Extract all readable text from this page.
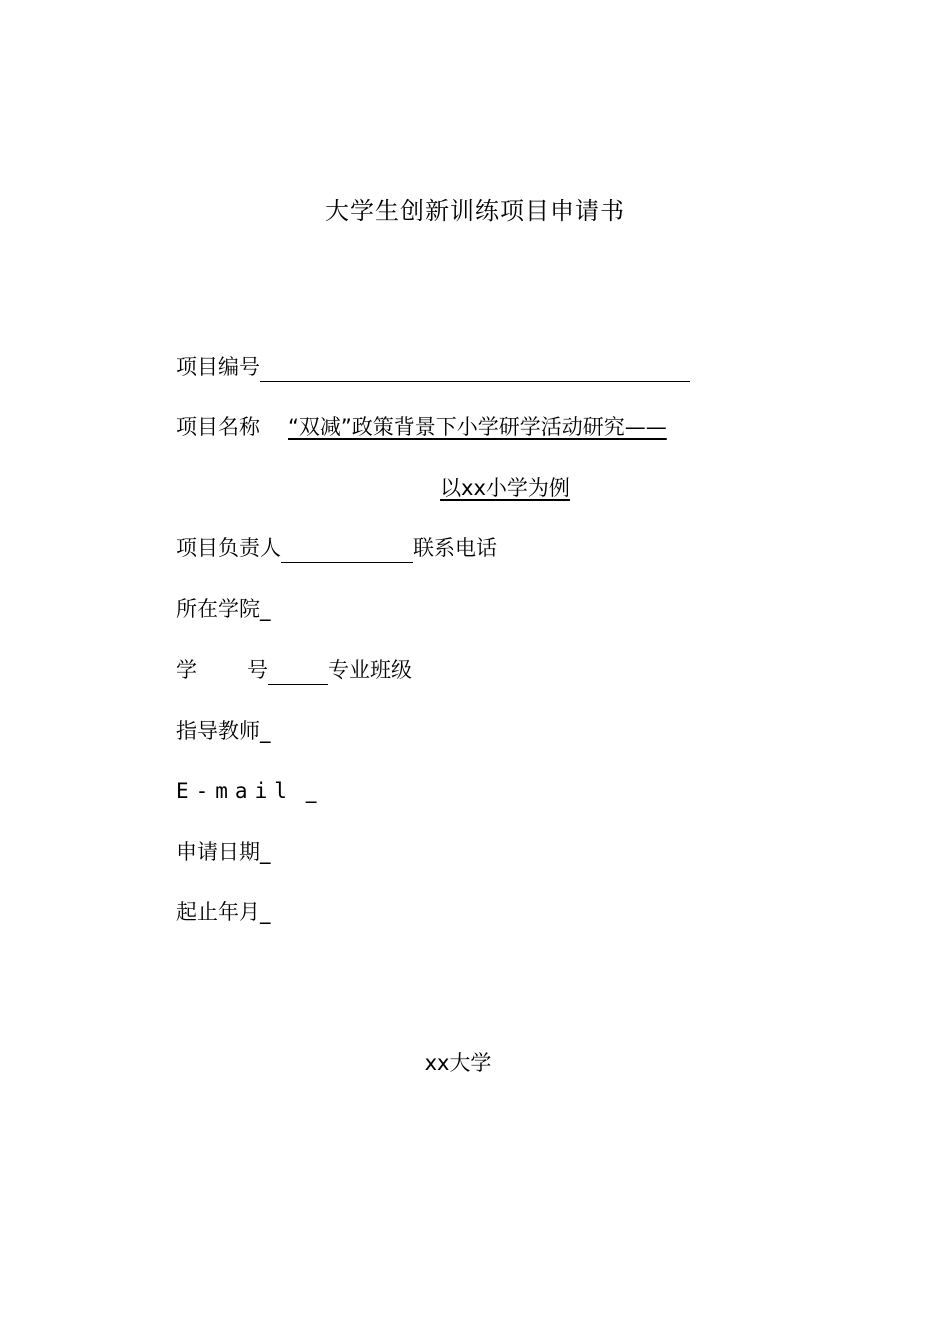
大学生创新训练项目申请书
项目编号
项目名称	“双减”政策背景下小学研学活动研究——
以xx小学为例
项目负责人	联系电话
所在学院_
学 号	专业班级
指导教师_
E-mail _
申请日期_
起止年月_
xx大学
